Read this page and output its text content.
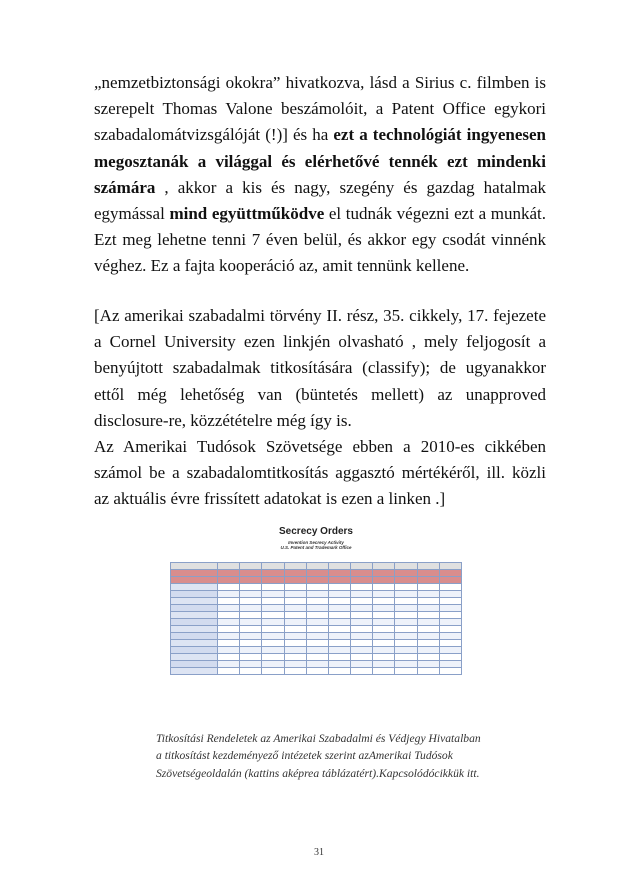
„nemzetbiztonsági okokra” hivatkozva, lásd a Sirius c. filmben is szerepelt Thomas Valone beszámolóit, a Patent Office egykori szabadalomátvizsgálóját (!)] és ha ezt a technológiát ingyenesen megosztanák a világgal és elérhetővé tennék ezt mindenki számára , akkor a kis és nagy, szegény és gazdag hatalmak egymással mind együttműködve el tudnák végezni ezt a munkát. Ezt meg lehetne tenni 7 éven belül, és akkor egy csodát vinnénk véghez. Ez a fajta kooperáció az, amit tennünk kellene.

[Az amerikai szabadalmi törvény II. rész, 35. cikkely, 17. fejezete a Cornel University ezen linkjén olvasható , mely feljogosít a benyújtott szabadalmak titkosítására (classify); de ugyanakkor ettől még lehetőség van (büntetés mellett) az unapproved disclosure-re, közzétételre még így is.
Az Amerikai Tudósok Szövetsége ebben a 2010-es cikkében számol be a szabadalomtitkosítás aggasztó mértékéről, ill. közli az aktuális évre frissített adatokat is ezen a linken .]
Secrecy Orders
Invention Secrecy Activity
U.S. Patent and Trademark Office

Titkosítási Rendeletek az Amerikai Szabadalmi és Védjegy Hivatalban a titkosítást kezdeményező intézetek szerint azAmerikai Tudósok Szövetségeoldalán (kattins aképrea táblázatért).Kapcsolódócikkük itt.

31
